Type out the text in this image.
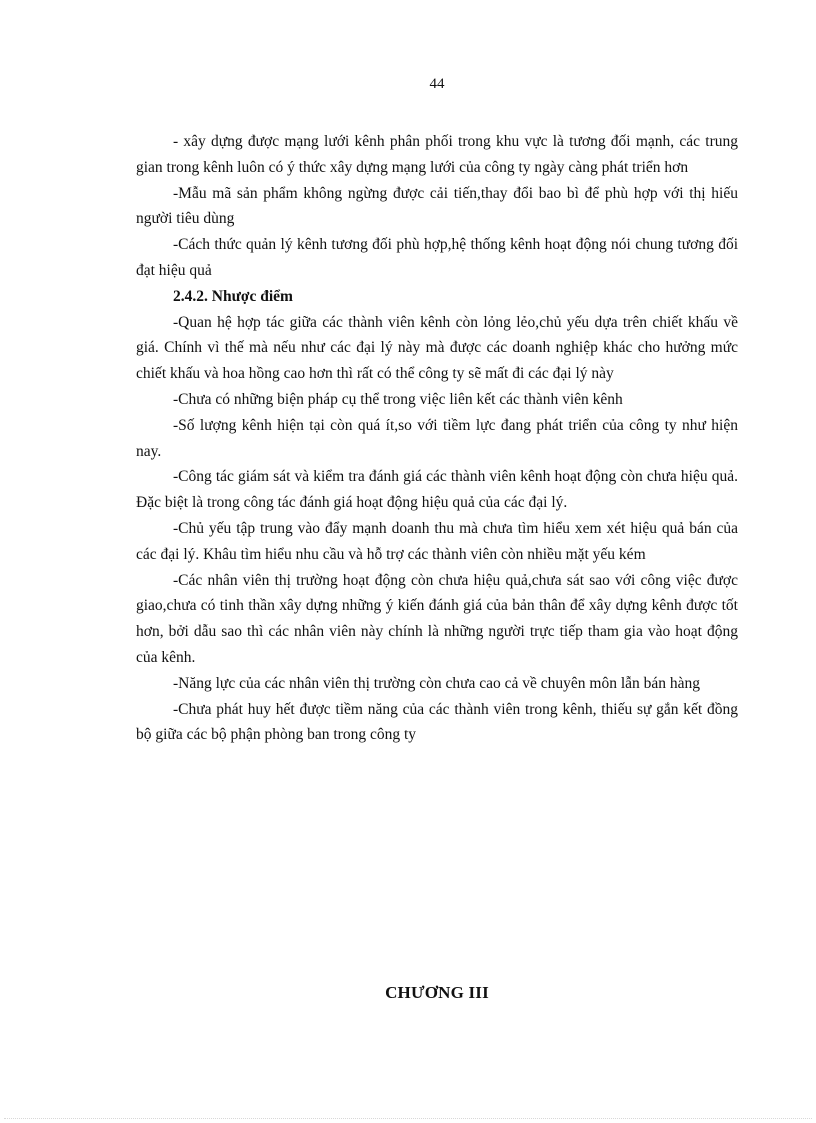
44

- xây dựng được mạng lưới kênh phân phối trong khu vực là tương đối mạnh, các trung gian trong kênh luôn có ý thức xây dựng mạng lưới của công ty ngày càng phát triển hơn

-Mẫu mã sản phẩm không ngừng được cải tiến,thay đổi bao bì để phù hợp với thị hiếu người tiêu dùng

-Cách thức quản lý kênh tương đối phù hợp,hệ thống kênh hoạt động nói chung tương đối đạt hiệu quả

2.4.2. Nhược điểm

-Quan hệ hợp tác giữa các thành viên kênh còn lỏng lẻo,chủ yếu dựa trên chiết khấu về giá. Chính vì thế mà nếu như các đại lý này mà được các doanh nghiệp khác cho hưởng mức chiết khấu và hoa hồng cao hơn thì rất có thể công ty sẽ mất đi các đại lý này

-Chưa có những biện pháp cụ thể trong việc liên kết các thành viên kênh

-Số lượng kênh hiện tại còn quá ít,so với tiềm lực đang phát triển của công ty như hiện nay.

-Công tác giám sát và kiểm tra đánh giá các thành viên kênh hoạt động còn chưa hiệu quả. Đặc biệt là trong công tác đánh giá hoạt động hiệu quả của các đại lý.

-Chủ yếu tập trung vào đẩy mạnh doanh thu mà chưa tìm hiểu xem xét hiệu quả bán của các đại lý. Khâu tìm hiểu nhu cầu và hỗ trợ các thành viên còn nhiều mặt yếu kém

-Các nhân viên thị trường hoạt động còn chưa hiệu quả,chưa sát sao với công việc được giao,chưa có tinh thần xây dựng những ý kiến đánh giá của bản thân để xây dựng kênh được tốt hơn, bởi dẫu sao thì các nhân viên này chính là những người trực tiếp tham gia vào hoạt động của kênh.

-Năng lực của các nhân viên thị trường còn chưa cao cả về chuyên môn lẫn bán hàng

-Chưa phát huy hết được tiềm năng của các thành viên trong kênh, thiếu sự gắn kết đồng bộ giữa các bộ phận phòng ban trong công ty

CHƯƠNG III
